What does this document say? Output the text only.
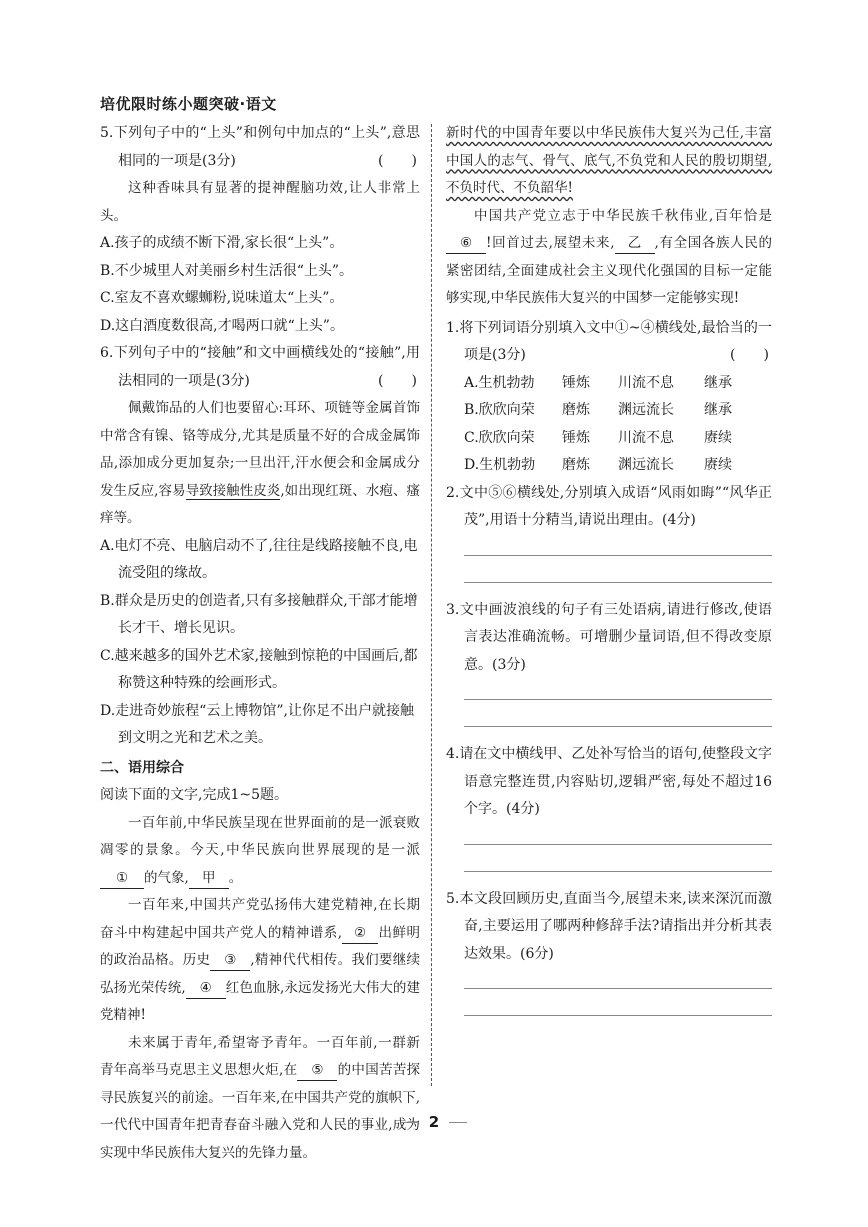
培优限时练小题突破·语文

5.下列句子中的“上头”和例句中加点的“上头”,意思相同的一项是(3分)	(　　)

这种香味具有显著的提神醒脑功效,让人非常上头。

A.孩子的成绩不断下滑,家长很“上头”。

B.不少城里人对美丽乡村生活很“上头”。

C.室友不喜欢螺蛳粉,说味道太“上头”。

D.这白酒度数很高,才喝两口就“上头”。

6.下列句子中的“接触”和文中画横线处的“接触”,用法相同的一项是(3分)	(　　)

佩戴饰品的人们也要留心:耳环、项链等金属首饰中常含有镍、铬等成分,尤其是质量不好的合成金属饰品,添加成分更加复杂;一旦出汗,汗水便会和金属成分发生反应,容易导致接触性皮炎,如出现红斑、水疱、瘙痒等。

A.电灯不亮、电脑启动不了,往往是线路接触不良,电流受阻的缘故。

B.群众是历史的创造者,只有多接触群众,干部才能增长才干、增长见识。

C.越来越多的国外艺术家,接触到惊艳的中国画后,都称赞这种特殊的绘画形式。

D.走进奇妙旅程“云上博物馆”,让你足不出户就接触到文明之光和艺术之美。

二、语用综合

阅读下面的文字,完成1~5题。

一百年前,中华民族呈现在世界面前的是一派衰败凋零的景象。今天,中华民族向世界展现的是一派① 的气象, 甲 。

一百年来,中国共产党弘扬伟大建党精神,在长期奋斗中构建起中国共产党人的精神谱系, ② 出鲜明的政治品格。历史 ③ ,精神代代相传。我们要继续弘扬光荣传统, ④ 红色血脉,永远发扬光大伟大的建党精神!

未来属于青年,希望寄予青年。一百年前,一群新青年高举马克思主义思想火炬,在 ⑤ 的中国苦苦探寻民族复兴的前途。一百年来,在中国共产党的旗帜下,一代代中国青年把青春奋斗融入党和人民的事业,成为实现中华民族伟大复兴的先锋力量。

新时代的中国青年要以中华民族伟大复兴为己任,丰富中国人的志气、骨气、底气,不负党和人民的殷切期望,不负时代、不负韶华!

中国共产党立志于中华民族千秋伟业,百年恰是⑥ !回首过去,展望未来, 乙 ,有全国各族人民的紧密团结,全面建成社会主义现代化强国的目标一定能够实现,中华民族伟大复兴的中国梦一定能够实现!

1.将下列词语分别填入文中①~④横线处,最恰当的一项是(3分)	(　　)

A.生机勃勃 锤炼 川流不息 继承

B.欣欣向荣 磨炼 渊远流长 继承

C.欣欣向荣 锤炼 川流不息 赓续

D.生机勃勃 磨炼 渊远流长 赓续

2.文中⑤⑥横线处,分别填入成语“风雨如晦”“风华正茂”,用语十分精当,请说出理由。(4分)

3.文中画波浪线的句子有三处语病,请进行修改,使语言表达准确流畅。可增删少量词语,但不得改变原意。(3分)

4.请在文中横线甲、乙处补写恰当的语句,使整段文字语意完整连贯,内容贴切,逻辑严密,每处不超过16个字。(4分)

5.本文段回顾历史,直面当今,展望未来,读来深沉而激奋,主要运用了哪两种修辞手法?请指出并分析其表达效果。(6分)

2
